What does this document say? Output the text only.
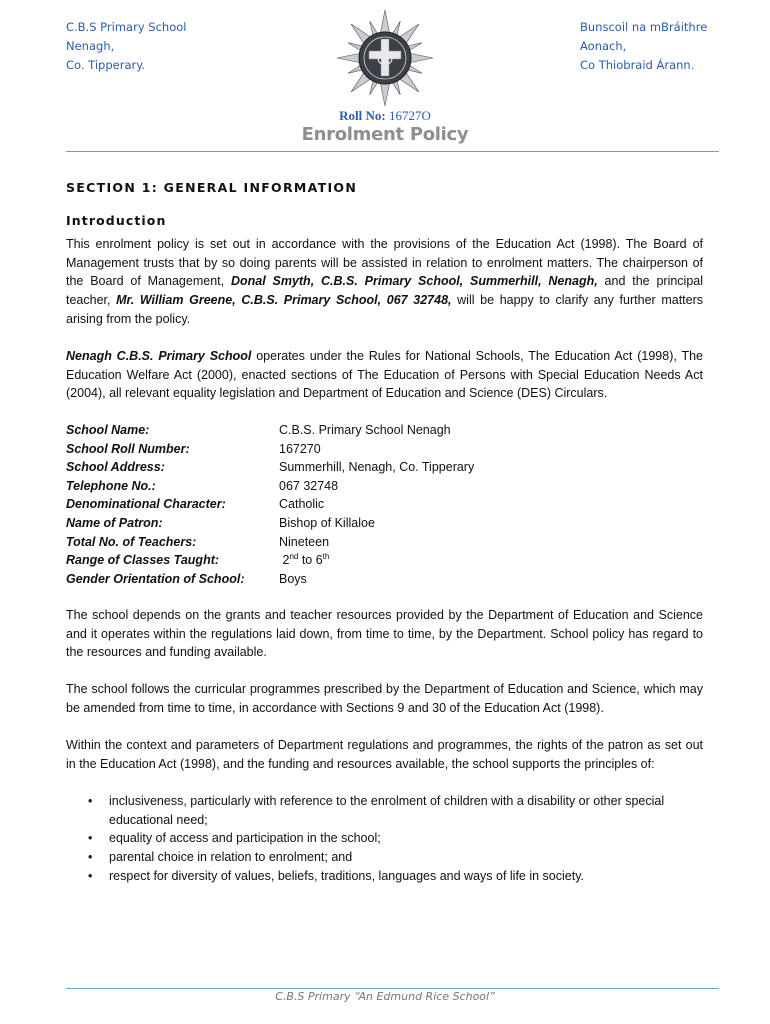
C.B.S Primary School
Nenagh,
Co. Tipperary.
Bunscoil na mBráithre
Aonach,
Co Thiobraid Árann.
Roll No: 16727O
Enrolment Policy
SECTION 1: GENERAL INFORMATION
Introduction

This enrolment policy is set out in accordance with the provisions of the Education Act (1998). The Board of Management trusts that by so doing parents will be assisted in relation to enrolment matters. The chairperson of the Board of Management, Donal Smyth, C.B.S. Primary School, Summerhill, Nenagh, and the principal teacher, Mr. William Greene, C.B.S. Primary School, 067 32748, will be happy to clarify any further matters arising from the policy.

Nenagh C.B.S. Primary School operates under the Rules for National Schools, The Education Act (1998), The Education Welfare Act (2000), enacted sections of The Education of Persons with Special Education Needs Act (2004), all relevant equality legislation and Department of Education and Science (DES) Circulars.

School Name:	C.B.S. Primary School Nenagh
School Roll Number:	167270
School Address:	Summerhill, Nenagh, Co. Tipperary
Telephone No.:	067 32748
Denominational Character:	Catholic
Name of Patron:	Bishop of Killaloe
Total No. of Teachers:	Nineteen
Range of Classes Taught:	2nd to 6th
Gender Orientation of School:	Boys

The school depends on the grants and teacher resources provided by the Department of Education and Science and it operates within the regulations laid down, from time to time, by the Department. School policy has regard to the resources and funding available.

The school follows the curricular programmes prescribed by the Department of Education and Science, which may be amended from time to time, in accordance with Sections 9 and 30 of the Education Act (1998).

Within the context and parameters of Department regulations and programmes, the rights of the patron as set out in the Education Act (1998), and the funding and resources available, the school supports the principles of:

• inclusiveness, particularly with reference to the enrolment of children with a disability or other special educational need;
• equality of access and participation in the school;
• parental choice in relation to enrolment; and
• respect for diversity of values, beliefs, traditions, languages and ways of life in society.
C.B.S Primary “An Edmund Rice School”
